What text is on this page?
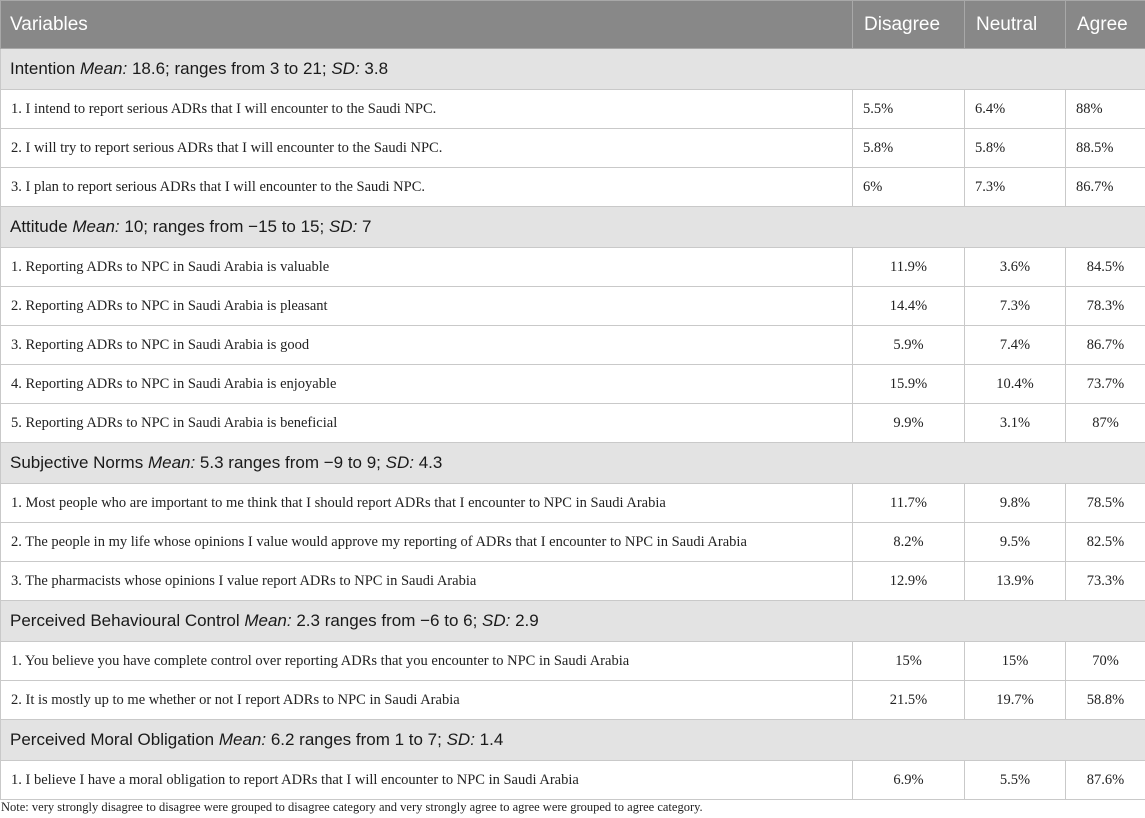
Variables	Disagree	Neutral	Agree
Intention Mean: 18.6; ranges from 3 to 21; SD: 3.8			
1. I intend to report serious ADRs that I will encounter to the Saudi NPC.	5.5%	6.4%	88%
2. I will try to report serious ADRs that I will encounter to the Saudi NPC.	5.8%	5.8%	88.5%
3. I plan to report serious ADRs that I will encounter to the Saudi NPC.	6%	7.3%	86.7%
Attitude Mean: 10; ranges from −15 to 15; SD: 7			
1. Reporting ADRs to NPC in Saudi Arabia is valuable	11.9%	3.6%	84.5%
2. Reporting ADRs to NPC in Saudi Arabia is pleasant	14.4%	7.3%	78.3%
3. Reporting ADRs to NPC in Saudi Arabia is good	5.9%	7.4%	86.7%
4. Reporting ADRs to NPC in Saudi Arabia is enjoyable	15.9%	10.4%	73.7%
5. Reporting ADRs to NPC in Saudi Arabia is beneficial	9.9%	3.1%	87%
Subjective Norms Mean: 5.3 ranges from −9 to 9; SD: 4.3			
1. Most people who are important to me think that I should report ADRs that I encounter to NPC in Saudi Arabia	11.7%	9.8%	78.5%
2. The people in my life whose opinions I value would approve my reporting of ADRs that I encounter to NPC in Saudi Arabia	8.2%	9.5%	82.5%
3. The pharmacists whose opinions I value report ADRs to NPC in Saudi Arabia	12.9%	13.9%	73.3%
Perceived Behavioural Control Mean: 2.3 ranges from −6 to 6; SD: 2.9			
1. You believe you have complete control over reporting ADRs that you encounter to NPC in Saudi Arabia	15%	15%	70%
2. It is mostly up to me whether or not I report ADRs to NPC in Saudi Arabia	21.5%	19.7%	58.8%
Perceived Moral Obligation Mean: 6.2 ranges from 1 to 7; SD: 1.4			
1. I believe I have a moral obligation to report ADRs that I will encounter to NPC in Saudi Arabia	6.9%	5.5%	87.6%
Note: very strongly disagree to disagree were grouped to disagree category and very strongly agree to agree were grouped to agree category.
